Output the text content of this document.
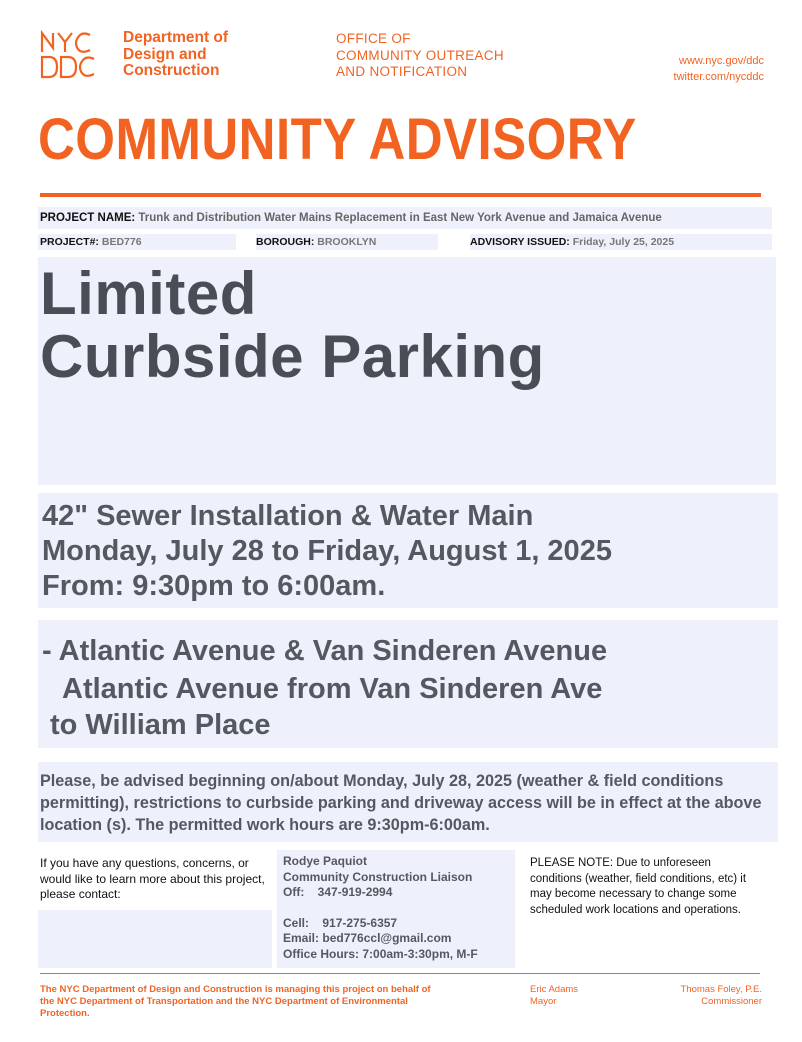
Department of
Design and
Construction
OFFICE OF
COMMUNITY OUTREACH
AND NOTIFICATION
www.nyc.gov/ddc
twitter.com/nycddc
COMMUNITY ADVISORY
PROJECT NAME: Trunk and Distribution Water Mains Replacement in East New York Avenue and Jamaica Avenue
PROJECT#: BED776	BOROUGH: BROOKLYN	ADVISORY ISSUED: Friday, July 25, 2025
Limited
Curbside Parking
42" Sewer Installation & Water Main
Monday, July 28 to Friday, August 1, 2025
From: 9:30pm to 6:00am.
- Atlantic Avenue & Van Sinderen Avenue
Atlantic Avenue from Van Sinderen Ave
to William Place
Please, be advised beginning on/about Monday, July 28, 2025 (weather & field conditions permitting), restrictions to curbside parking and driveway access will be in effect at the above location (s). The permitted work hours are 9:30pm-6:00am.
If you have any questions, concerns, or would like to learn more about this project, please contact:
Rodye Paquiot
Community Construction Liaison
Off: 347-919-2994
Cell: 917-275-6357
Email: bed776ccl@gmail.com
Office Hours: 7:00am-3:30pm, M-F
PLEASE NOTE: Due to unforeseen conditions (weather, field conditions, etc) it may become necessary to change some scheduled work locations and operations.
The NYC Department of Design and Construction is managing this project on behalf of the NYC Department of Transportation and the NYC Department of Environmental Protection.
Eric Adams
Mayor
Thomas Foley, P.E.
Commissioner
